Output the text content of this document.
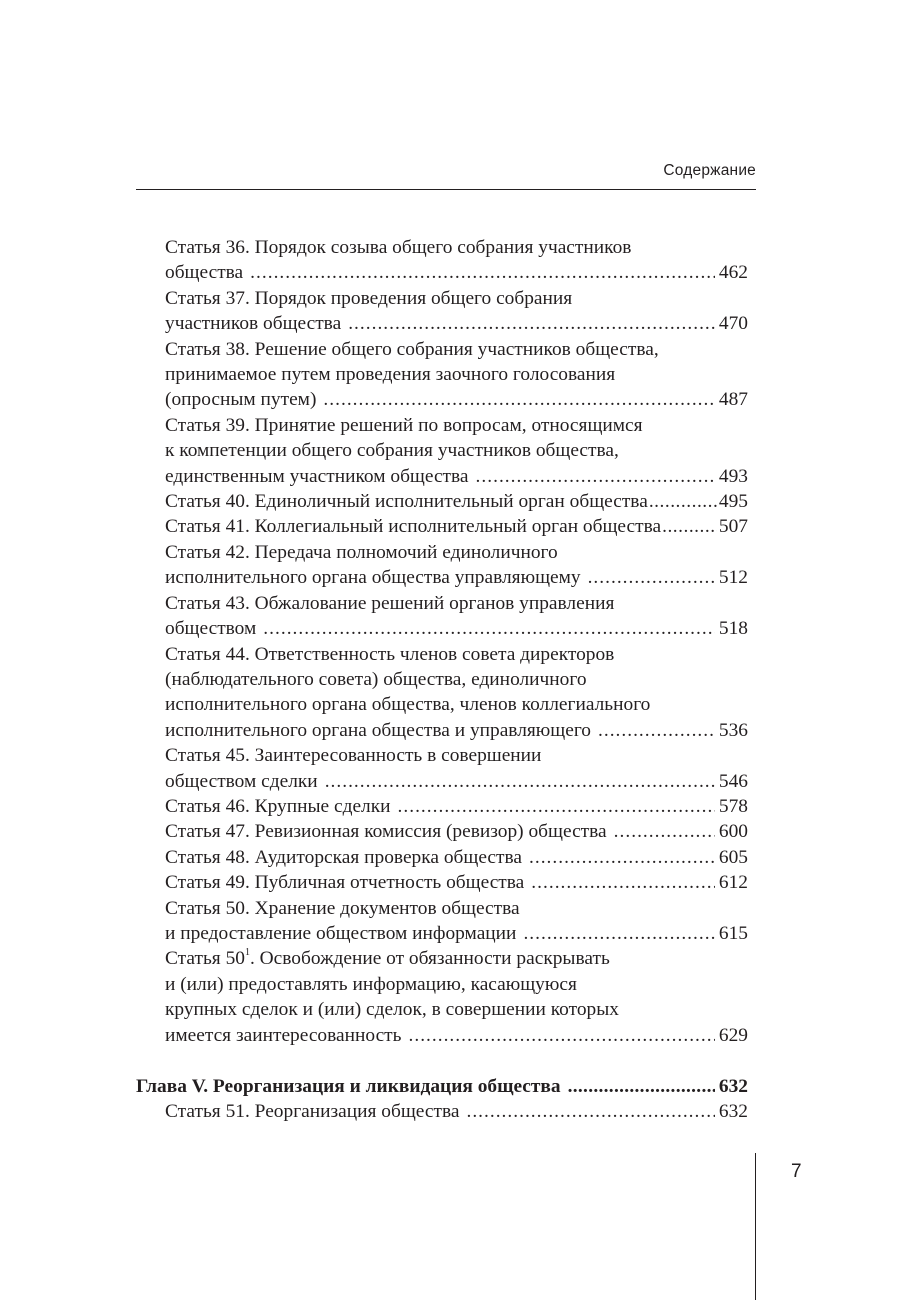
Содержание
Статья 36. Порядок созыва общего собрания участников
общества .....	462
Статья 37. Порядок проведения общего собрания
участников общества .....	470
Статья 38. Решение общего собрания участников общества,
принимаемое путем проведения заочного голосования
(опросным путем) .....	487
Статья 39. Принятие решений по вопросам, относящимся
к компетенции общего собрания участников общества,
единственным участником общества .....	493
Статья 40. Единоличный исполнительный орган общества .....	495
Статья 41. Коллегиальный исполнительный орган общества .....	507
Статья 42. Передача полномочий единоличного
исполнительного органа общества управляющему .....	512
Статья 43. Обжалование решений органов управления
обществом .....	518
Статья 44. Ответственность членов совета директоров
(наблюдательного совета) общества, единоличного
исполнительного органа общества, членов коллегиального
исполнительного органа общества и управляющего .....	536
Статья 45. Заинтересованность в совершении
обществом сделки .....	546
Статья 46. Крупные сделки .....	578
Статья 47. Ревизионная комиссия (ревизор) общества .....	600
Статья 48. Аудиторская проверка общества .....	605
Статья 49. Публичная отчетность общества .....	612
Статья 50. Хранение документов общества
и предоставление обществом информации .....	615
Статья $50^1$. Освобождение от обязанности раскрывать
и (или) предоставлять информацию, касающуюся
крупных сделок и (или) сделок, в совершении которых
имеется заинтересованность .....	629
Глава V. Реорганизация и ликвидация общества .....	632
Статья 51. Реорганизация общества .....	632
7
